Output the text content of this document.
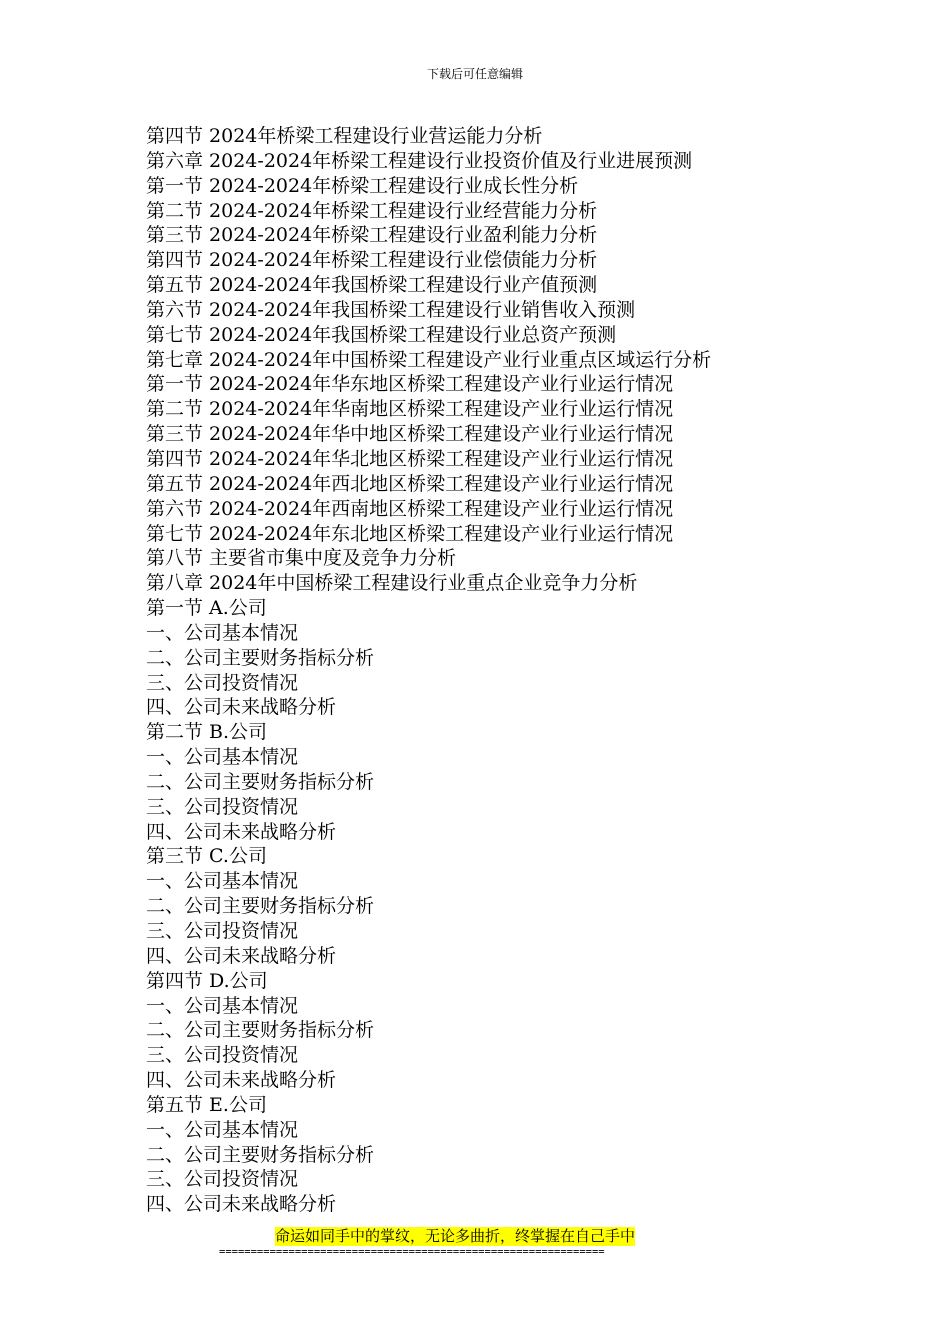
下载后可任意编辑
第四节 2024年桥梁工程建设行业营运能力分析
第六章 2024-2024年桥梁工程建设行业投资价值及行业进展预测
第一节 2024-2024年桥梁工程建设行业成长性分析
第二节 2024-2024年桥梁工程建设行业经营能力分析
第三节 2024-2024年桥梁工程建设行业盈利能力分析
第四节 2024-2024年桥梁工程建设行业偿债能力分析
第五节 2024-2024年我国桥梁工程建设行业产值预测
第六节 2024-2024年我国桥梁工程建设行业销售收入预测
第七节 2024-2024年我国桥梁工程建设行业总资产预测
第七章 2024-2024年中国桥梁工程建设产业行业重点区域运行分析
第一节 2024-2024年华东地区桥梁工程建设产业行业运行情况
第二节 2024-2024年华南地区桥梁工程建设产业行业运行情况
第三节 2024-2024年华中地区桥梁工程建设产业行业运行情况
第四节 2024-2024年华北地区桥梁工程建设产业行业运行情况
第五节 2024-2024年西北地区桥梁工程建设产业行业运行情况
第六节 2024-2024年西南地区桥梁工程建设产业行业运行情况
第七节 2024-2024年东北地区桥梁工程建设产业行业运行情况
第八节 主要省市集中度及竞争力分析
第八章 2024年中国桥梁工程建设行业重点企业竞争力分析
第一节 A.公司
一、公司基本情况
二、公司主要财务指标分析
三、公司投资情况
四、公司未来战略分析
第二节 B.公司
一、公司基本情况
二、公司主要财务指标分析
三、公司投资情况
四、公司未来战略分析
第三节 C.公司
一、公司基本情况
二、公司主要财务指标分析
三、公司投资情况
四、公司未来战略分析
第四节 D.公司
一、公司基本情况
二、公司主要财务指标分析
三、公司投资情况
四、公司未来战略分析
第五节 E.公司
一、公司基本情况
二、公司主要财务指标分析
三、公司投资情况
四、公司未来战略分析
命运如同手中的掌纹，无论多曲折，终掌握在自己手中
=============================================================
